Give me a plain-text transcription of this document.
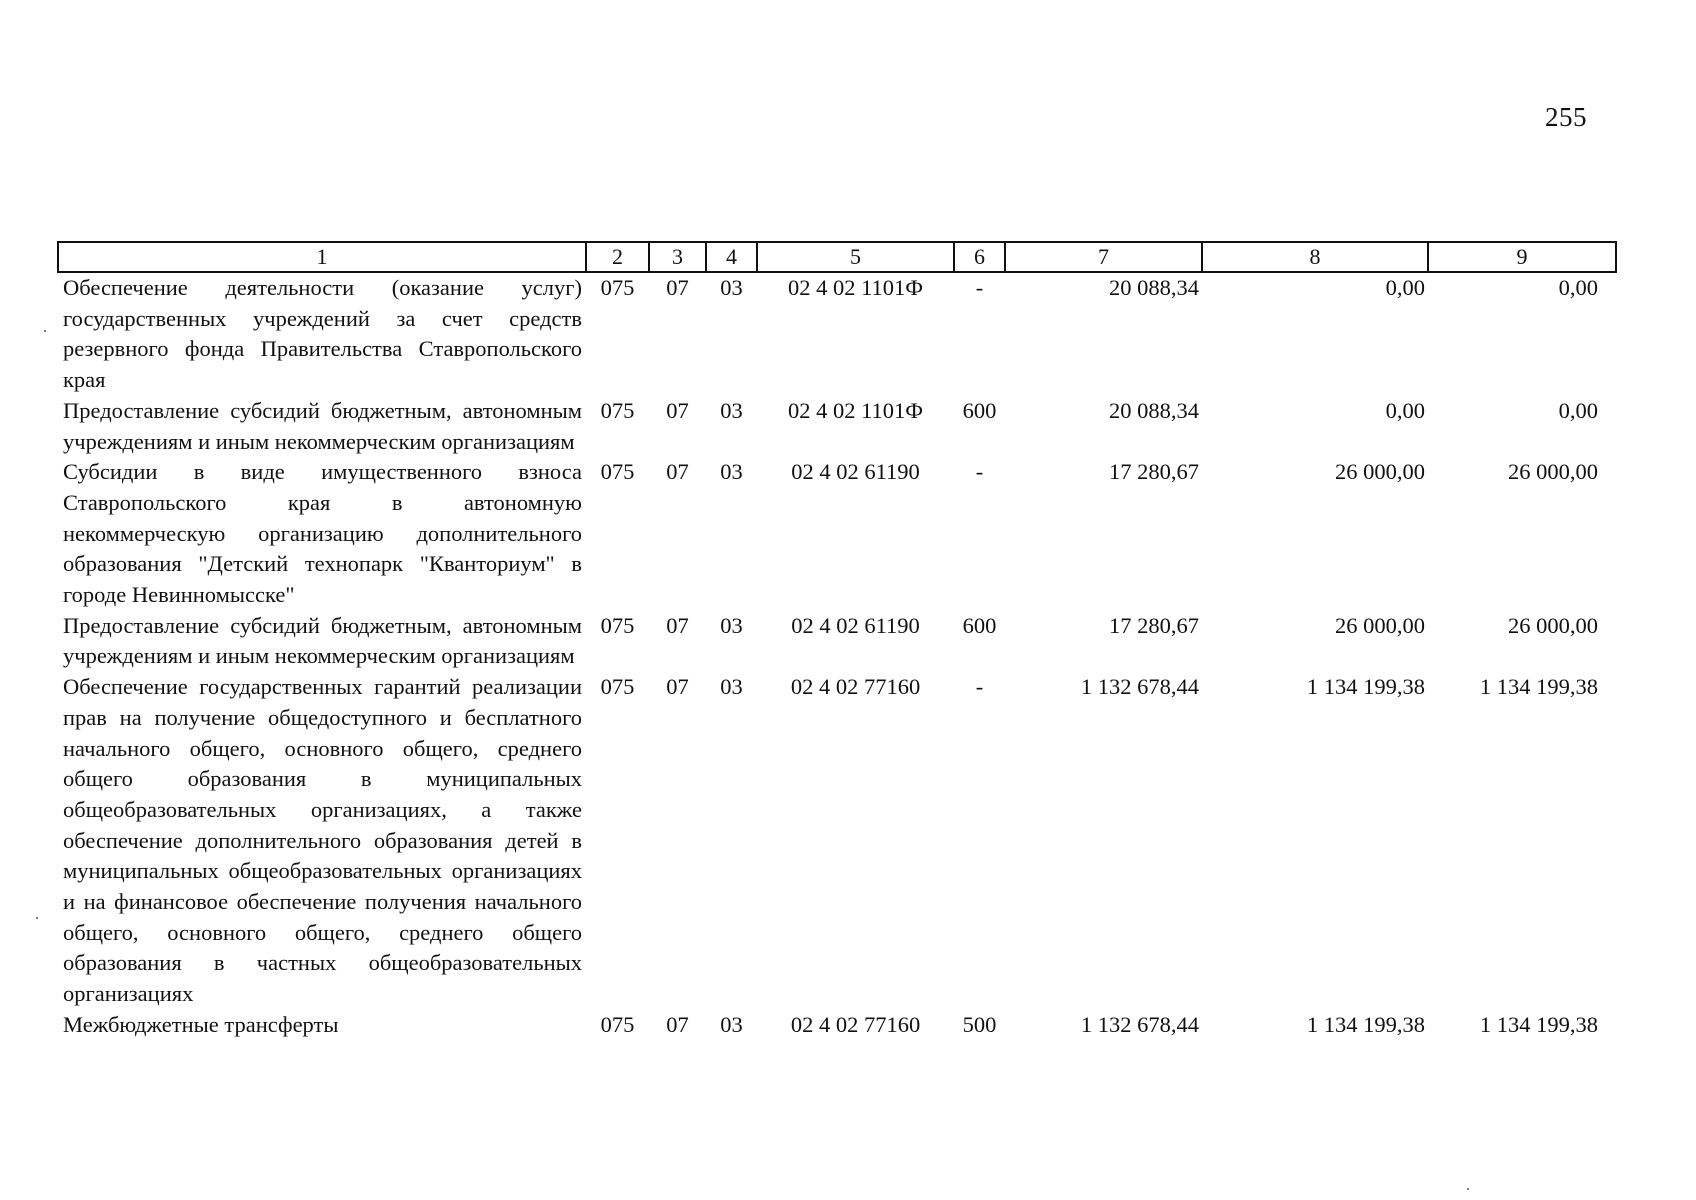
255
1	2	3	4	5	6	7	8	9
Обеспечение деятельности (оказание услуг) государственных учреждений за счет средств резервного фонда Правительства Ставропольского края	075	07	03	02 4 02 1101Ф	-	20 088,34	0,00	0,00
Предоставление субсидий бюджетным, автономным учреждениям и иным некоммерческим организациям	075	07	03	02 4 02 1101Ф	600	20 088,34	0,00	0,00
Субсидии в виде имущественного взноса Ставропольского края в автономную некоммерческую организацию дополнительного образования "Детский технопарк "Кванториум" в городе Невинномысске"	075	07	03	02 4 02 61190	-	17 280,67	26 000,00	26 000,00
Предоставление субсидий бюджетным, автономным учреждениям и иным некоммерческим организациям	075	07	03	02 4 02 61190	600	17 280,67	26 000,00	26 000,00
Обеспечение государственных гарантий реализации прав на получение общедоступного и бесплатного начального общего, основного общего, среднего общего образования в муниципальных общеобразовательных организациях, а также обеспечение дополнительного образования детей в муниципальных общеобразовательных организациях и на финансовое обеспечение получения начального общего, основного общего, среднего общего образования в частных общеобразовательных организациях	075	07	03	02 4 02 77160	-	1 132 678,44	1 134 199,38	1 134 199,38
Межбюджетные трансферты	075	07	03	02 4 02 77160	500	1 132 678,44	1 134 199,38	1 134 199,38
